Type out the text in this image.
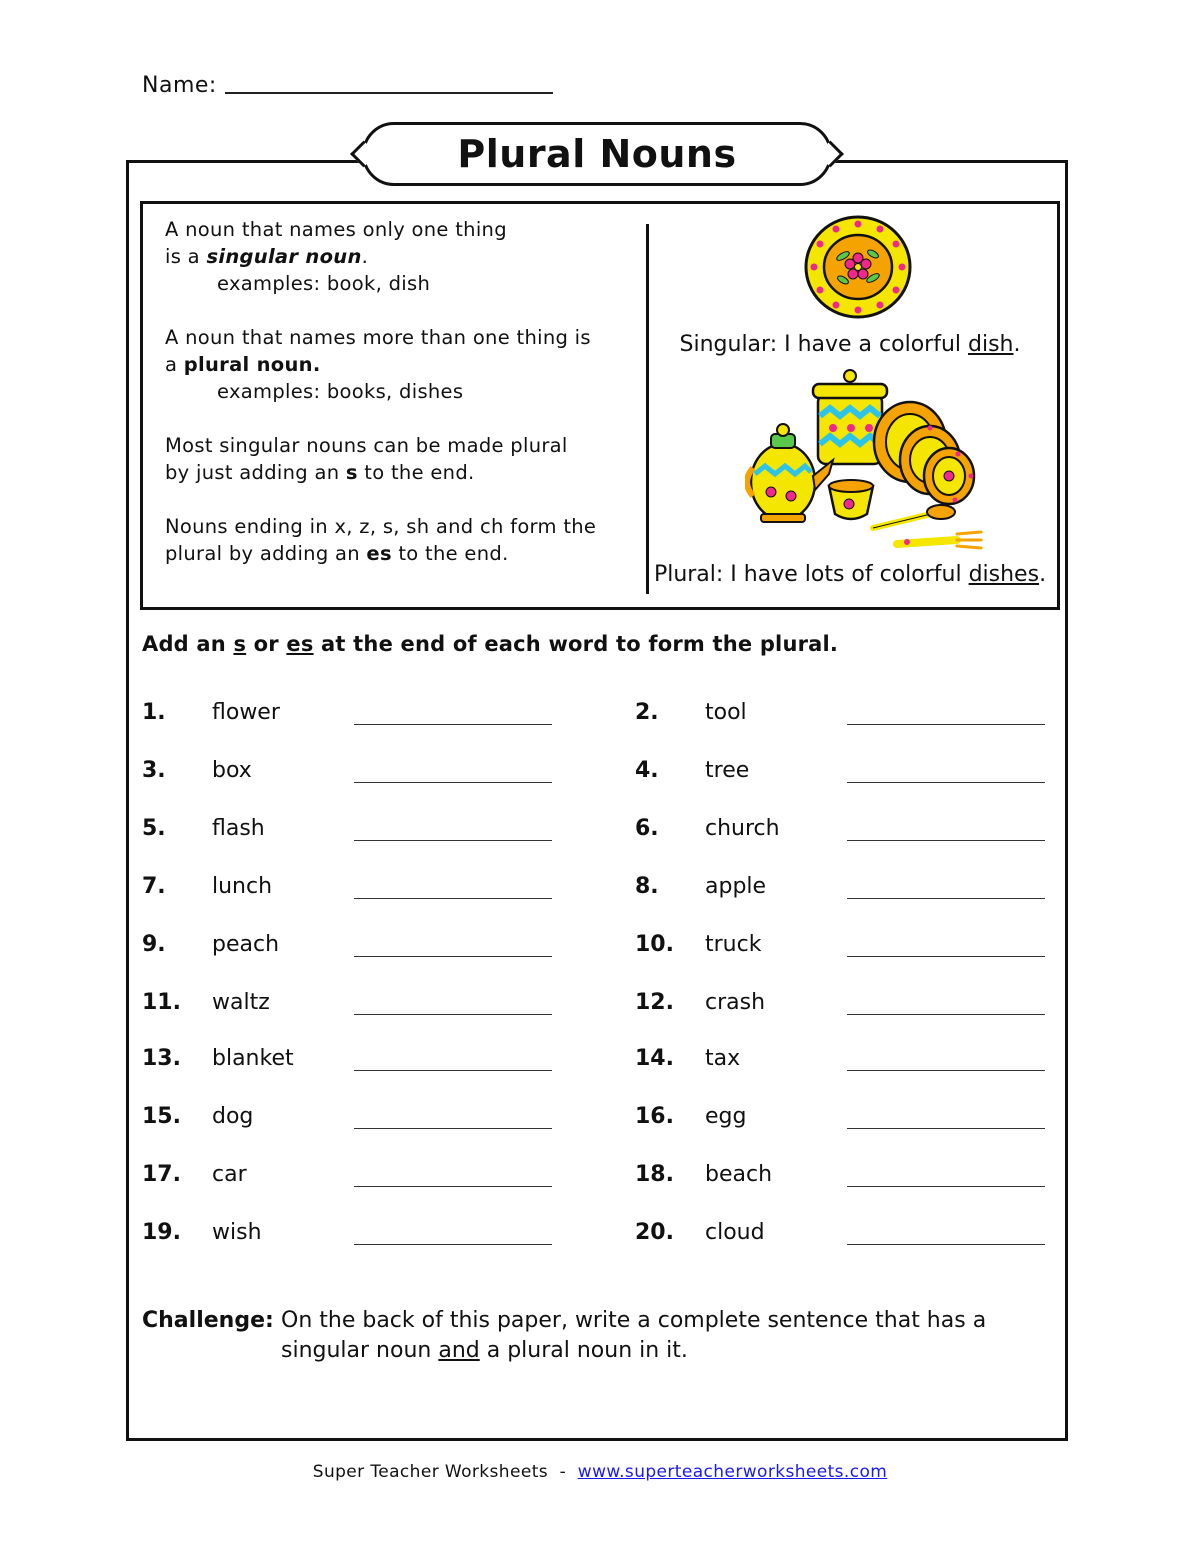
Name:
Plural Nouns
A noun that names only one thing
is a singular noun.
examples: book, dish
A noun that names more than one thing is
a plural noun.
examples: books, dishes
Most singular nouns can be made plural
by just adding an s to the end.
Nouns ending in x, z, s, sh and ch form the
plural by adding an es to the end.
Singular: I have a colorful dish.
Plural: I have lots of colorful dishes.
Add an s or es at the end of each word to form the plural.
1. flower	2. tool
3. box	4. tree
5. flash	6. church
7. lunch	8. apple
9. peach	10. truck
11. waltz	12. crash
13. blanket	14. tax
15. dog	16. egg
17. car	18. beach
19. wish	20. cloud
Challenge: On the back of this paper, write a complete sentence that has a singular noun and a plural noun in it.
Super Teacher Worksheets  -  www.superteacherworksheets.com
